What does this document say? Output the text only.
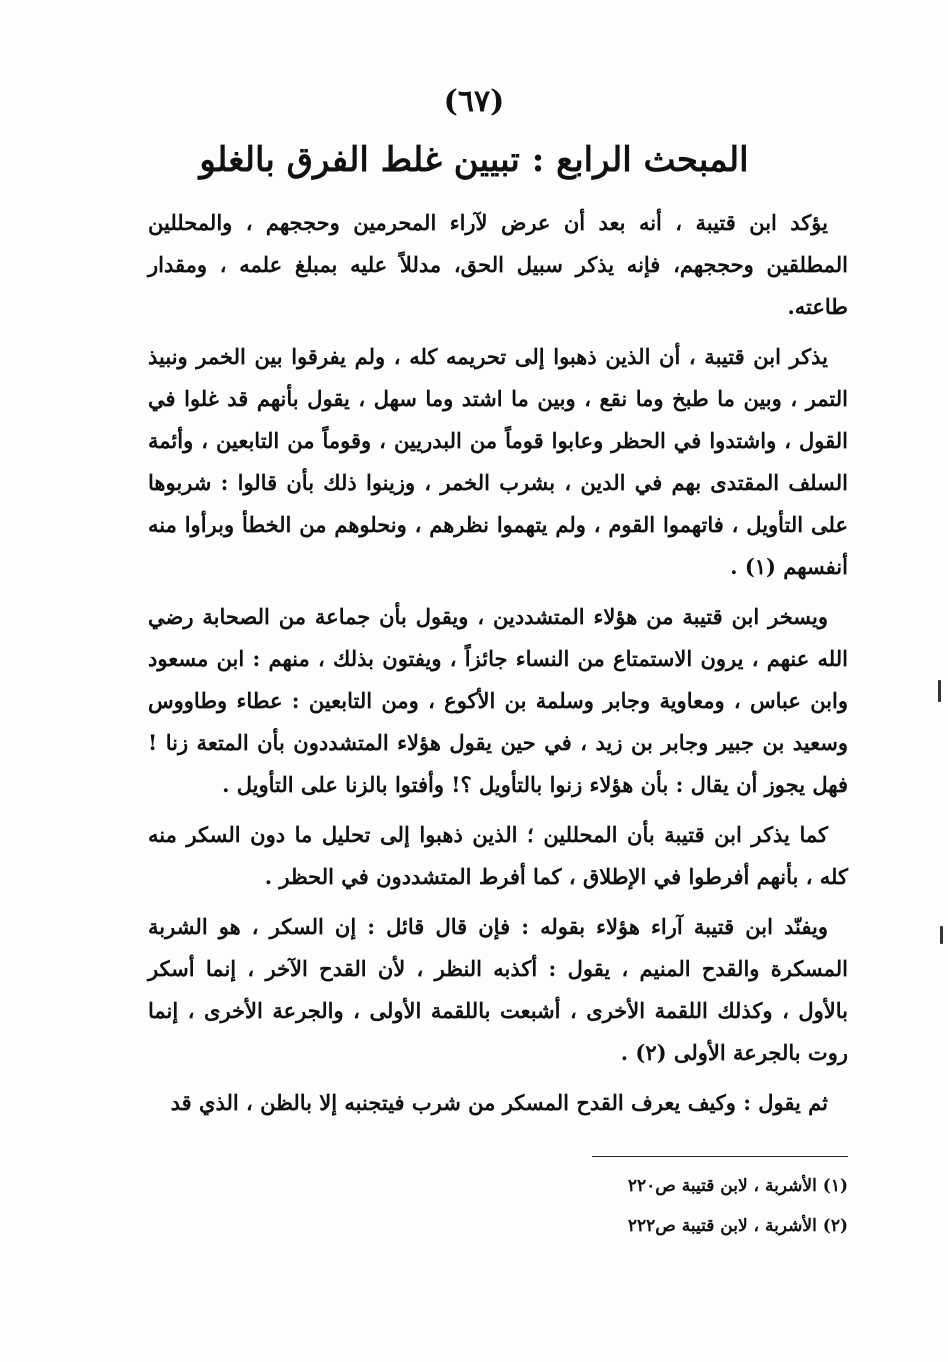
(٦٧)
المبحث الرابع : تبيين غلط الفرق بالغلو

يؤكد ابن قتيبة ، أنه بعد أن عرض لآراء المحرمين وحججهم ، والمحللين المطلقين وحججهم، فإنه يذكر سبيل الحق، مدللاً عليه بمبلغ علمه ، ومقدار طاعته.

يذكر ابن قتيبة ، أن الذين ذهبوا إلى تحريمه كله ، ولم يفرقوا بين الخمر ونبيذ التمر ، وبين ما طبخ وما نقع ، وبين ما اشتد وما سهل ، يقول بأنهم قد غلوا في القول ، واشتدوا في الحظر وعابوا قوماً من البدريين ، وقوماً من التابعين ، وأئمة السلف المقتدى بهم في الدين ، بشرب الخمر ، وزينوا ذلك بأن قالوا : شربوها على التأويل ، فاتهموا القوم ، ولم يتهموا نظرهم ، ونحلوهم من الخطأ وبرأوا منه أنفسهم (١) .

ويسخر ابن قتيبة من هؤلاء المتشددين ، ويقول بأن جماعة من الصحابة رضي الله عنهم ، يرون الاستمتاع من النساء جائزاً ، ويفتون بذلك ، منهم : ابن مسعود وابن عباس ، ومعاوية وجابر وسلمة بن الأكوع ، ومن التابعين : عطاء وطاووس وسعيد بن جبير وجابر بن زيد ، في حين يقول هؤلاء المتشددون بأن المتعة زنا ! فهل يجوز أن يقال : بأن هؤلاء زنوا بالتأويل ؟! وأفتوا بالزنا على التأويل .

كما يذكر ابن قتيبة بأن المحللين ؛ الذين ذهبوا إلى تحليل ما دون السكر منه كله ، بأنهم أفرطوا في الإطلاق ، كما أفرط المتشددون في الحظر .

ويفنّد ابن قتيبة آراء هؤلاء بقوله : فإن قال قائل : إن السكر ، هو الشربة المسكرة والقدح المنيم ، يقول : أكذبه النظر ، لأن القدح الآخر ، إنما أسكر بالأول ، وكذلك اللقمة الأخرى ، أشبعت باللقمة الأولى ، والجرعة الأخرى ، إنما روت بالجرعة الأولى (٢) .

ثم يقول : وكيف يعرف القدح المسكر من شرب فيتجنبه إلا بالظن ، الذي قد

(١) الأشربة ، لابن قتيبة ص٢٢٠
(٢) الأشربة ، لابن قتيبة ص٢٢٢
